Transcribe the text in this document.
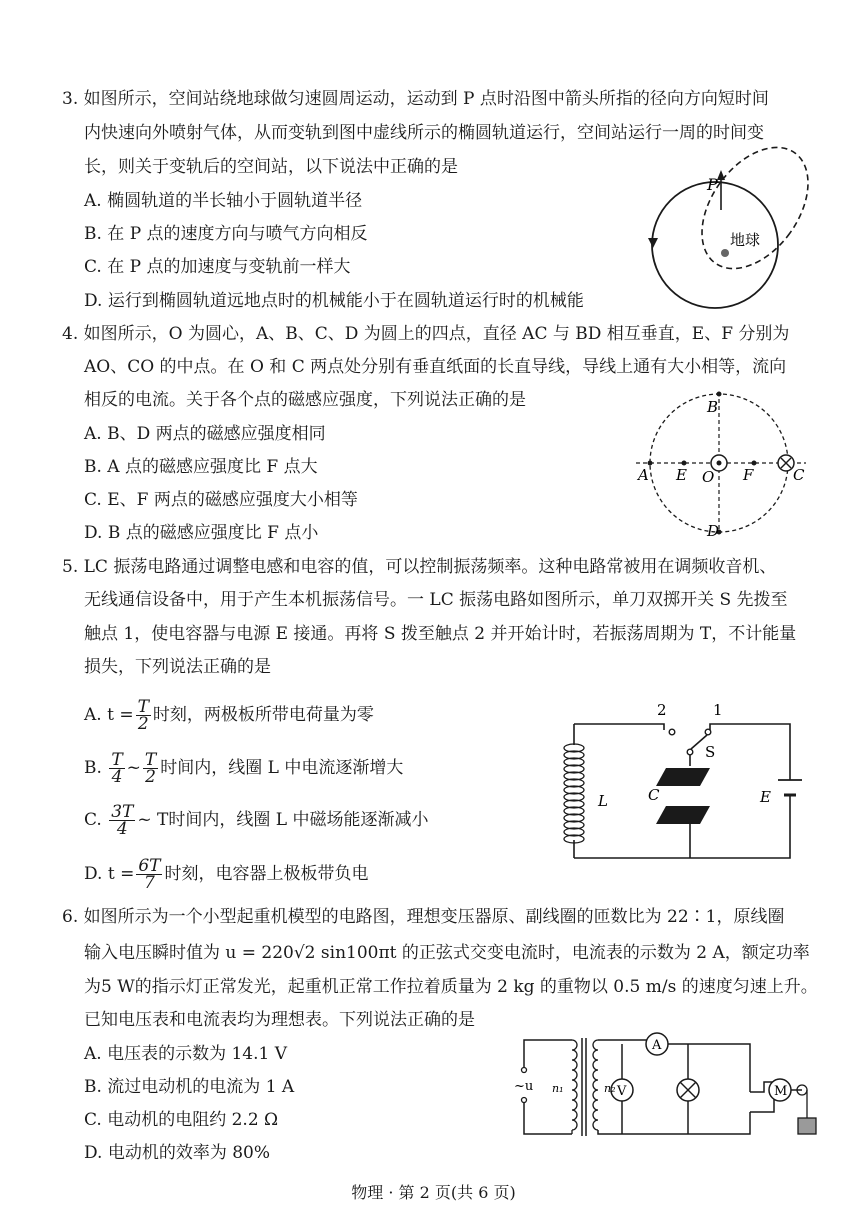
3. 如图所示，空间站绕地球做匀速圆周运动，运动到 P 点时沿图中箭头所指的径向方向短时间
内快速向外喷射气体，从而变轨到图中虚线所示的椭圆轨道运行，空间站运行一周的时间变
长，则关于变轨后的空间站，以下说法中正确的是
A. 椭圆轨道的半长轴小于圆轨道半径
B. 在 P 点的速度方向与喷气方向相反
C. 在 P 点的加速度与变轨前一样大
D. 运行到椭圆轨道远地点时的机械能小于在圆轨道运行时的机械能
P
地球
4. 如图所示，O 为圆心，A、B、C、D 为圆上的四点，直径 AC 与 BD 相互垂直，E、F 分别为
AO、CO 的中点。在 O 和 C 两点处分别有垂直纸面的长直导线，导线上通有大小相等，流向
相反的电流。关于各个点的磁感应强度，下列说法正确的是
A. B、D 两点的磁感应强度相同
B. A 点的磁感应强度比 F 点大
C. E、F 两点的磁感应强度大小相等
D. B 点的磁感应强度比 F 点小
A E O F	C
B
D
5. LC 振荡电路通过调整电感和电容的值，可以控制振荡频率。这种电路常被用在调频收音机、
无线通信设备中，用于产生本机振荡信号。一 LC 振荡电路如图所示，单刀双掷开关 S 先拨至
触点 1，使电容器与电源 E 接通。再将 S 拨至触点 2 并开始计时，若振荡周期为 T，不计能量
损失，下列说法正确的是
A. $t = \frac{T}{2}$ 时刻，两极板所带电荷量为零
B. $\frac{T}{4}$ ~ $\frac{T}{2}$ 时间内，线圈 L 中电流逐渐增大
C. $\frac{3T}{4}$ ~ T时间内，线圈 L 中磁场能逐渐减小
D. $t = \frac{6T}{7}$ 时刻，电容器上极板带负电
2	1
S
L	C	E
6. 如图所示为一个小型起重机模型的电路图，理想变压器原、副线圈的匝数比为 22∶1，原线圈
输入电压瞬时值为 u = 220√2 sin100πt 的正弦式交变电流时，电流表的示数为 2 A，额定功率
为5 W的指示灯正常发光，起重机正常工作拉着质量为 2 kg 的重物以 0.5 m/s 的速度匀速上升。
已知电压表和电流表均为理想表。下列说法正确的是
A. 电压表的示数为 14.1 V
B. 流过电动机的电流为 1 A
C. 电动机的电阻约 2.2 Ω
D. 电动机的效率为 80%
A
V	M
~u n₁	n₂
物理 · 第 2 页(共 6 页)
